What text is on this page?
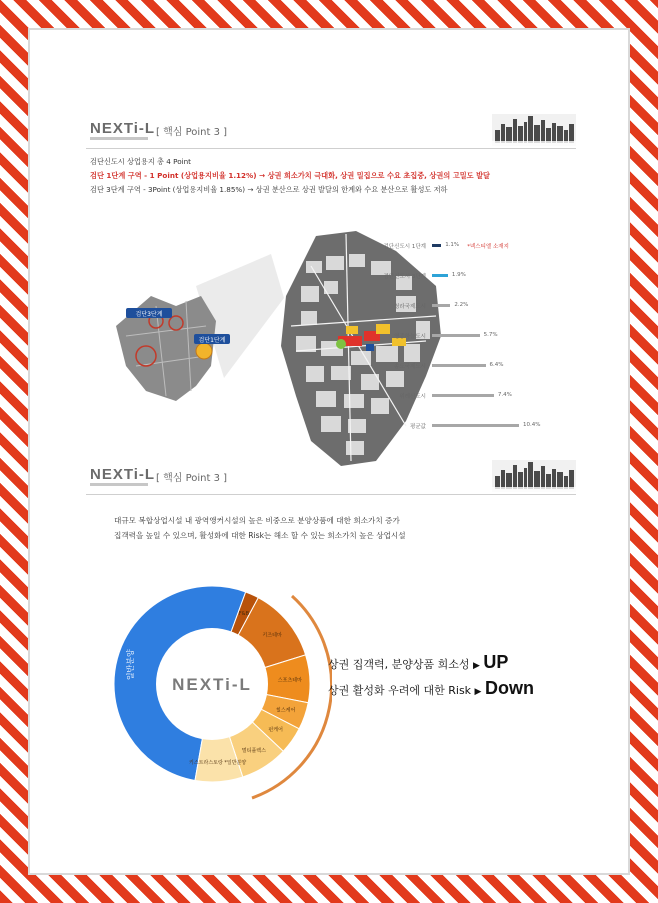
NEXTi-L [ 핵심 Point 3 ]
검단신도시 상업용지 총 4 Point
검단 1단계 구역 - 1 Point (상업용지비율 1.12%) → 상권 희소가치 극대화, 상권 밀집으로 수요 초집중, 상권의 고밀도 발달
검단 3단계 구역 - 3Point (상업용지비율 1.85%) → 상권 분산으로 상권 발달의 한계와 수요 분산으로 활성도 저하
검단3단계
검단1단계
검단신도시 1단계	1.1% *넥스티엘 소재지
검단신도시 3단계	1.9%
청라국제도시	2.2%
영종하늘도시	5.7%
송도국제도시	6.4%
위례신도시	7.4%
평균값	10.4%
NEXTi-L [ 핵심 Point 3 ]
대규모 복합상업시설 내 광역앵커시설의 높은 비중으로 분양상품에 대한 희소가치 증가
집객력을 높일 수 있으며, 활성화에 대한 Risk는 해소 할 수 있는 희소가치 높은 상업시설
NEXTi-L
일반분양
F&B
키즈테마
스포츠테마
힐스케어
펀케어
멀티플렉스
키스트라스토랑 *일반분양
상권 집객력, 분양상품 희소성 ▶ UP
상권 활성화 우려에 대한 Risk ▶ Down
